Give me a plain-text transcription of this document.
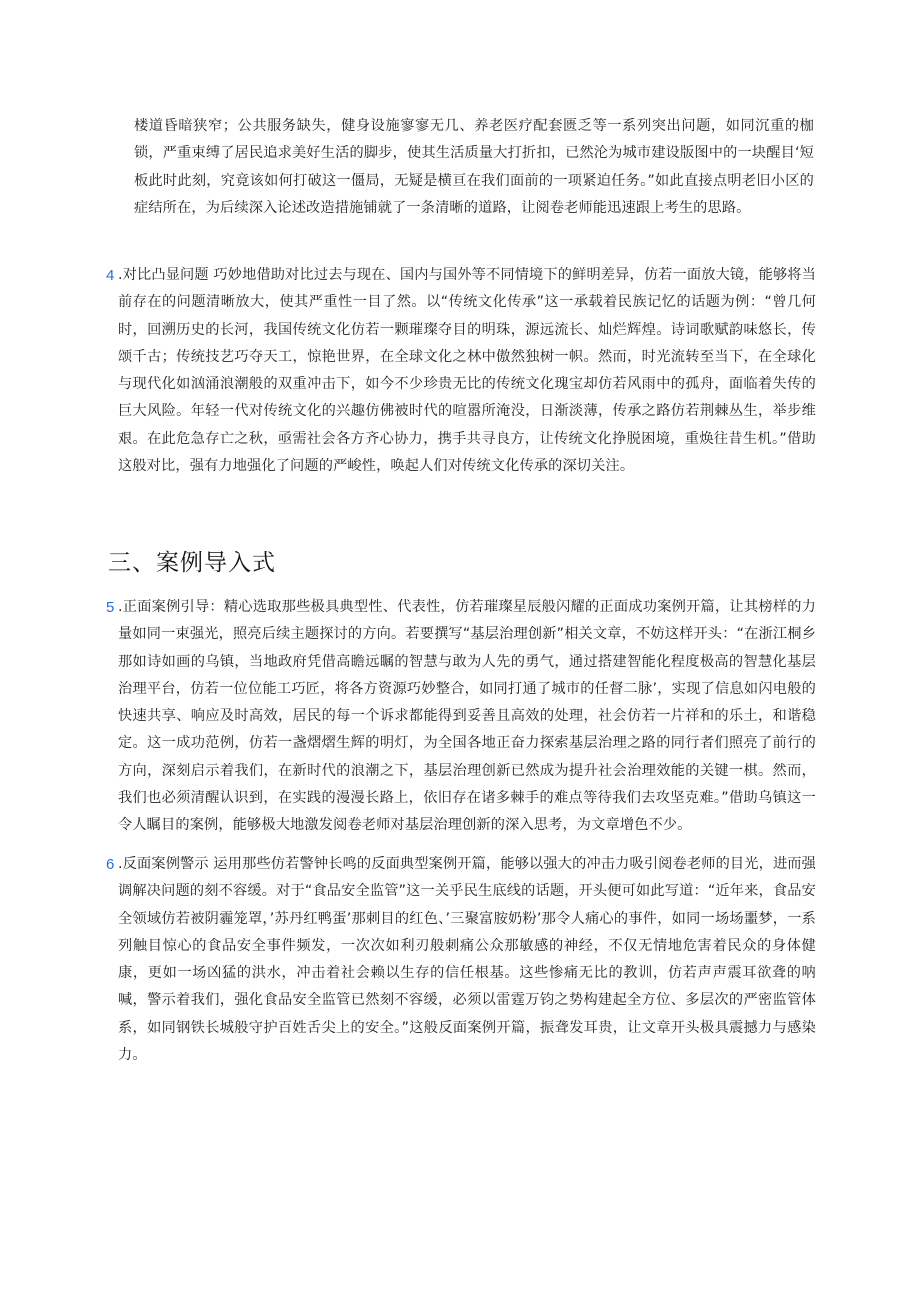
楼道昏暗狭窄；公共服务缺失，健身设施寥寥无几、养老医疗配套匮乏等一系列突出问题，如同沉重的枷锁，严重束缚了居民追求美好生活的脚步，使其生活质量大打折扣，已然沦为城市建设版图中的一块醒目‘短板此时此刻，究竟该如何打破这一僵局，无疑是横亘在我们面前的一项紧迫任务。”如此直接点明老旧小区的症结所在，为后续深入论述改造措施铺就了一条清晰的道路，让阅卷老师能迅速跟上考生的思路。

4 .对比凸显问题 巧妙地借助对比过去与现在、国内与国外等不同情境下的鲜明差异，仿若一面放大镜，能够将当前存在的问题清晰放大，使其严重性一目了然。以“传统文化传承”这一承载着民族记忆的话题为例：“曾几何时，回溯历史的长河，我国传统文化仿若一颗璀璨夺目的明珠，源远流长、灿烂辉煌。诗词歌赋韵味悠长，传颂千古；传统技艺巧夺天工，惊艳世界，在全球文化之林中傲然独树一帜。然而，时光流转至当下，在全球化与现代化如汹涌浪潮般的双重冲击下，如今不少珍贵无比的传统文化瑰宝却仿若风雨中的孤舟，面临着失传的巨大风险。年轻一代对传统文化的兴趣仿佛被时代的喧嚣所淹没，日渐淡薄，传承之路仿若荆棘丛生，举步维艰。在此危急存亡之秋，亟需社会各方齐心协力，携手共寻良方，让传统文化挣脱困境，重焕往昔生机。”借助这般对比，强有力地强化了问题的严峻性，唤起人们对传统文化传承的深切关注。
三、案例导入式
5 .正面案例引导：精心选取那些极具典型性、代表性，仿若璀璨星辰般闪耀的正面成功案例开篇，让其榜样的力量如同一束强光，照亮后续主题探讨的方向。若要撰写“基层治理创新”相关文章，不妨这样开头：“在浙江桐乡那如诗如画的乌镇，当地政府凭借高瞻远瞩的智慧与敢为人先的勇气，通过搭建智能化程度极高的智慧化基层治理平台，仿若一位位能工巧匠，将各方资源巧妙整合，如同打通了城市的任督二脉’，实现了信息如闪电般的快速共享、响应及时高效，居民的每一个诉求都能得到妥善且高效的处理，社会仿若一片祥和的乐土，和谐稳定。这一成功范例，仿若一盏熠熠生辉的明灯，为全国各地正奋力探索基层治理之路的同行者们照亮了前行的方向，深刻启示着我们，在新时代的浪潮之下，基层治理创新已然成为提升社会治理效能的关键一棋。然而，我们也必须清醒认识到，在实践的漫漫长路上，依旧存在诸多棘手的难点等待我们去攻坚克难。”借助乌镇这一令人瞩目的案例，能够极大地激发阅卷老师对基层治理创新的深入思考，为文章增色不少。
6 .反面案例警示 运用那些仿若警钟长鸣的反面典型案例开篇，能够以强大的冲击力吸引阅卷老师的目光，进而强调解决问题的刻不容缓。对于“食品安全监管”这一关乎民生底线的话题，开头便可如此写道：“近年来，食品安全领域仿若被阴霾笼罩，’苏丹红鸭蛋’那刺目的红色、’三聚富胺奶粉’那令人痛心的事件，如同一场场噩梦，一系列触目惊心的食品安全事件频发，一次次如利刃般刺痛公众那敏感的神经，不仅无情地危害着民众的身体健康，更如一场凶猛的洪水，冲击着社会赖以生存的信任根基。这些惨痛无比的教训，仿若声声震耳欲聋的呐喊，警示着我们，强化食品安全监管已然刻不容缓，必须以雷霆万钧之势构建起全方位、多层次的严密监管体系，如同钢铁长城般守护百姓舌尖上的安全。”这般反面案例开篇，振聋发耳贵，让文章开头极具震撼力与感染力。
